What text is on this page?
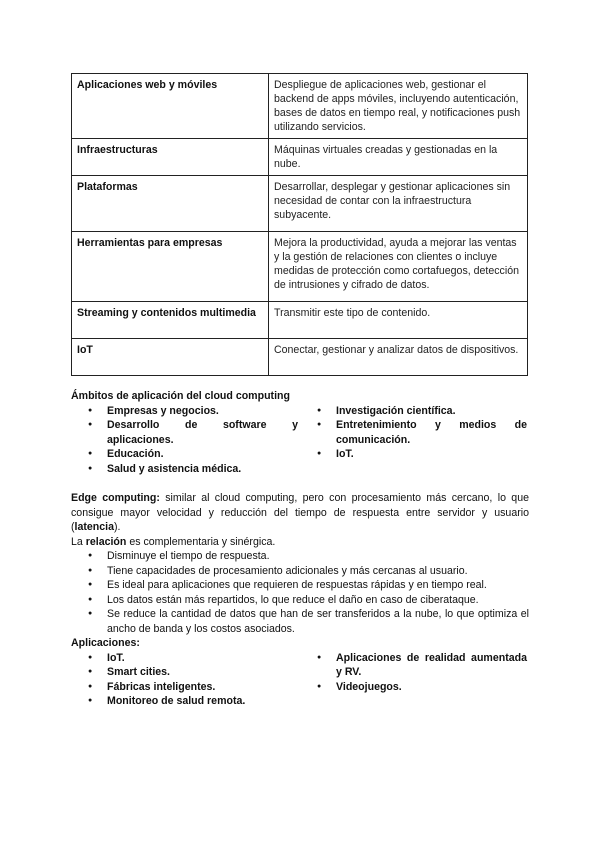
Aplicaciones web y móviles	Despliegue de aplicaciones web, gestionar el backend de apps móviles, incluyendo autenticación, bases de datos en tiempo real, y notificaciones push utilizando servicios.
Infraestructuras	Máquinas virtuales creadas y gestionadas en la nube.
Plataformas	Desarrollar, desplegar y gestionar aplicaciones sin necesidad de contar con la infraestructura subyacente.
Herramientas para empresas	Mejora la productividad, ayuda a mejorar las ventas y la gestión de relaciones con clientes o incluye medidas de protección como cortafuegos, detección de intrusiones y cifrado de datos.
Streaming y contenidos multimedia	Transmitir este tipo de contenido.
IoT	Conectar, gestionar y analizar datos de dispositivos.

Ámbitos de aplicación del cloud computing

● Empresas y negocios.
● Desarrollo de software y aplicaciones.
● Educación.
● Salud y asistencia médica.
● Investigación científica.
● Entretenimiento y medios de comunicación.
● IoT.

Edge computing: similar al cloud computing, pero con procesamiento más cercano, lo que consigue mayor velocidad y reducción del tiempo de respuesta entre servidor y usuario (latencia).

La relación es complementaria y sinérgica.

● Disminuye el tiempo de respuesta.
● Tiene capacidades de procesamiento adicionales y más cercanas al usuario.
● Es ideal para aplicaciones que requieren de respuestas rápidas y en tiempo real.
● Los datos están más repartidos, lo que reduce el daño en caso de ciberataque.
● Se reduce la cantidad de datos que han de ser transferidos a la nube, lo que optimiza el ancho de banda y los costos asociados.

Aplicaciones:

● IoT.
● Smart cities.
● Fábricas inteligentes.
● Monitoreo de salud remota.
● Aplicaciones de realidad aumentada y RV.
● Videojuegos.
